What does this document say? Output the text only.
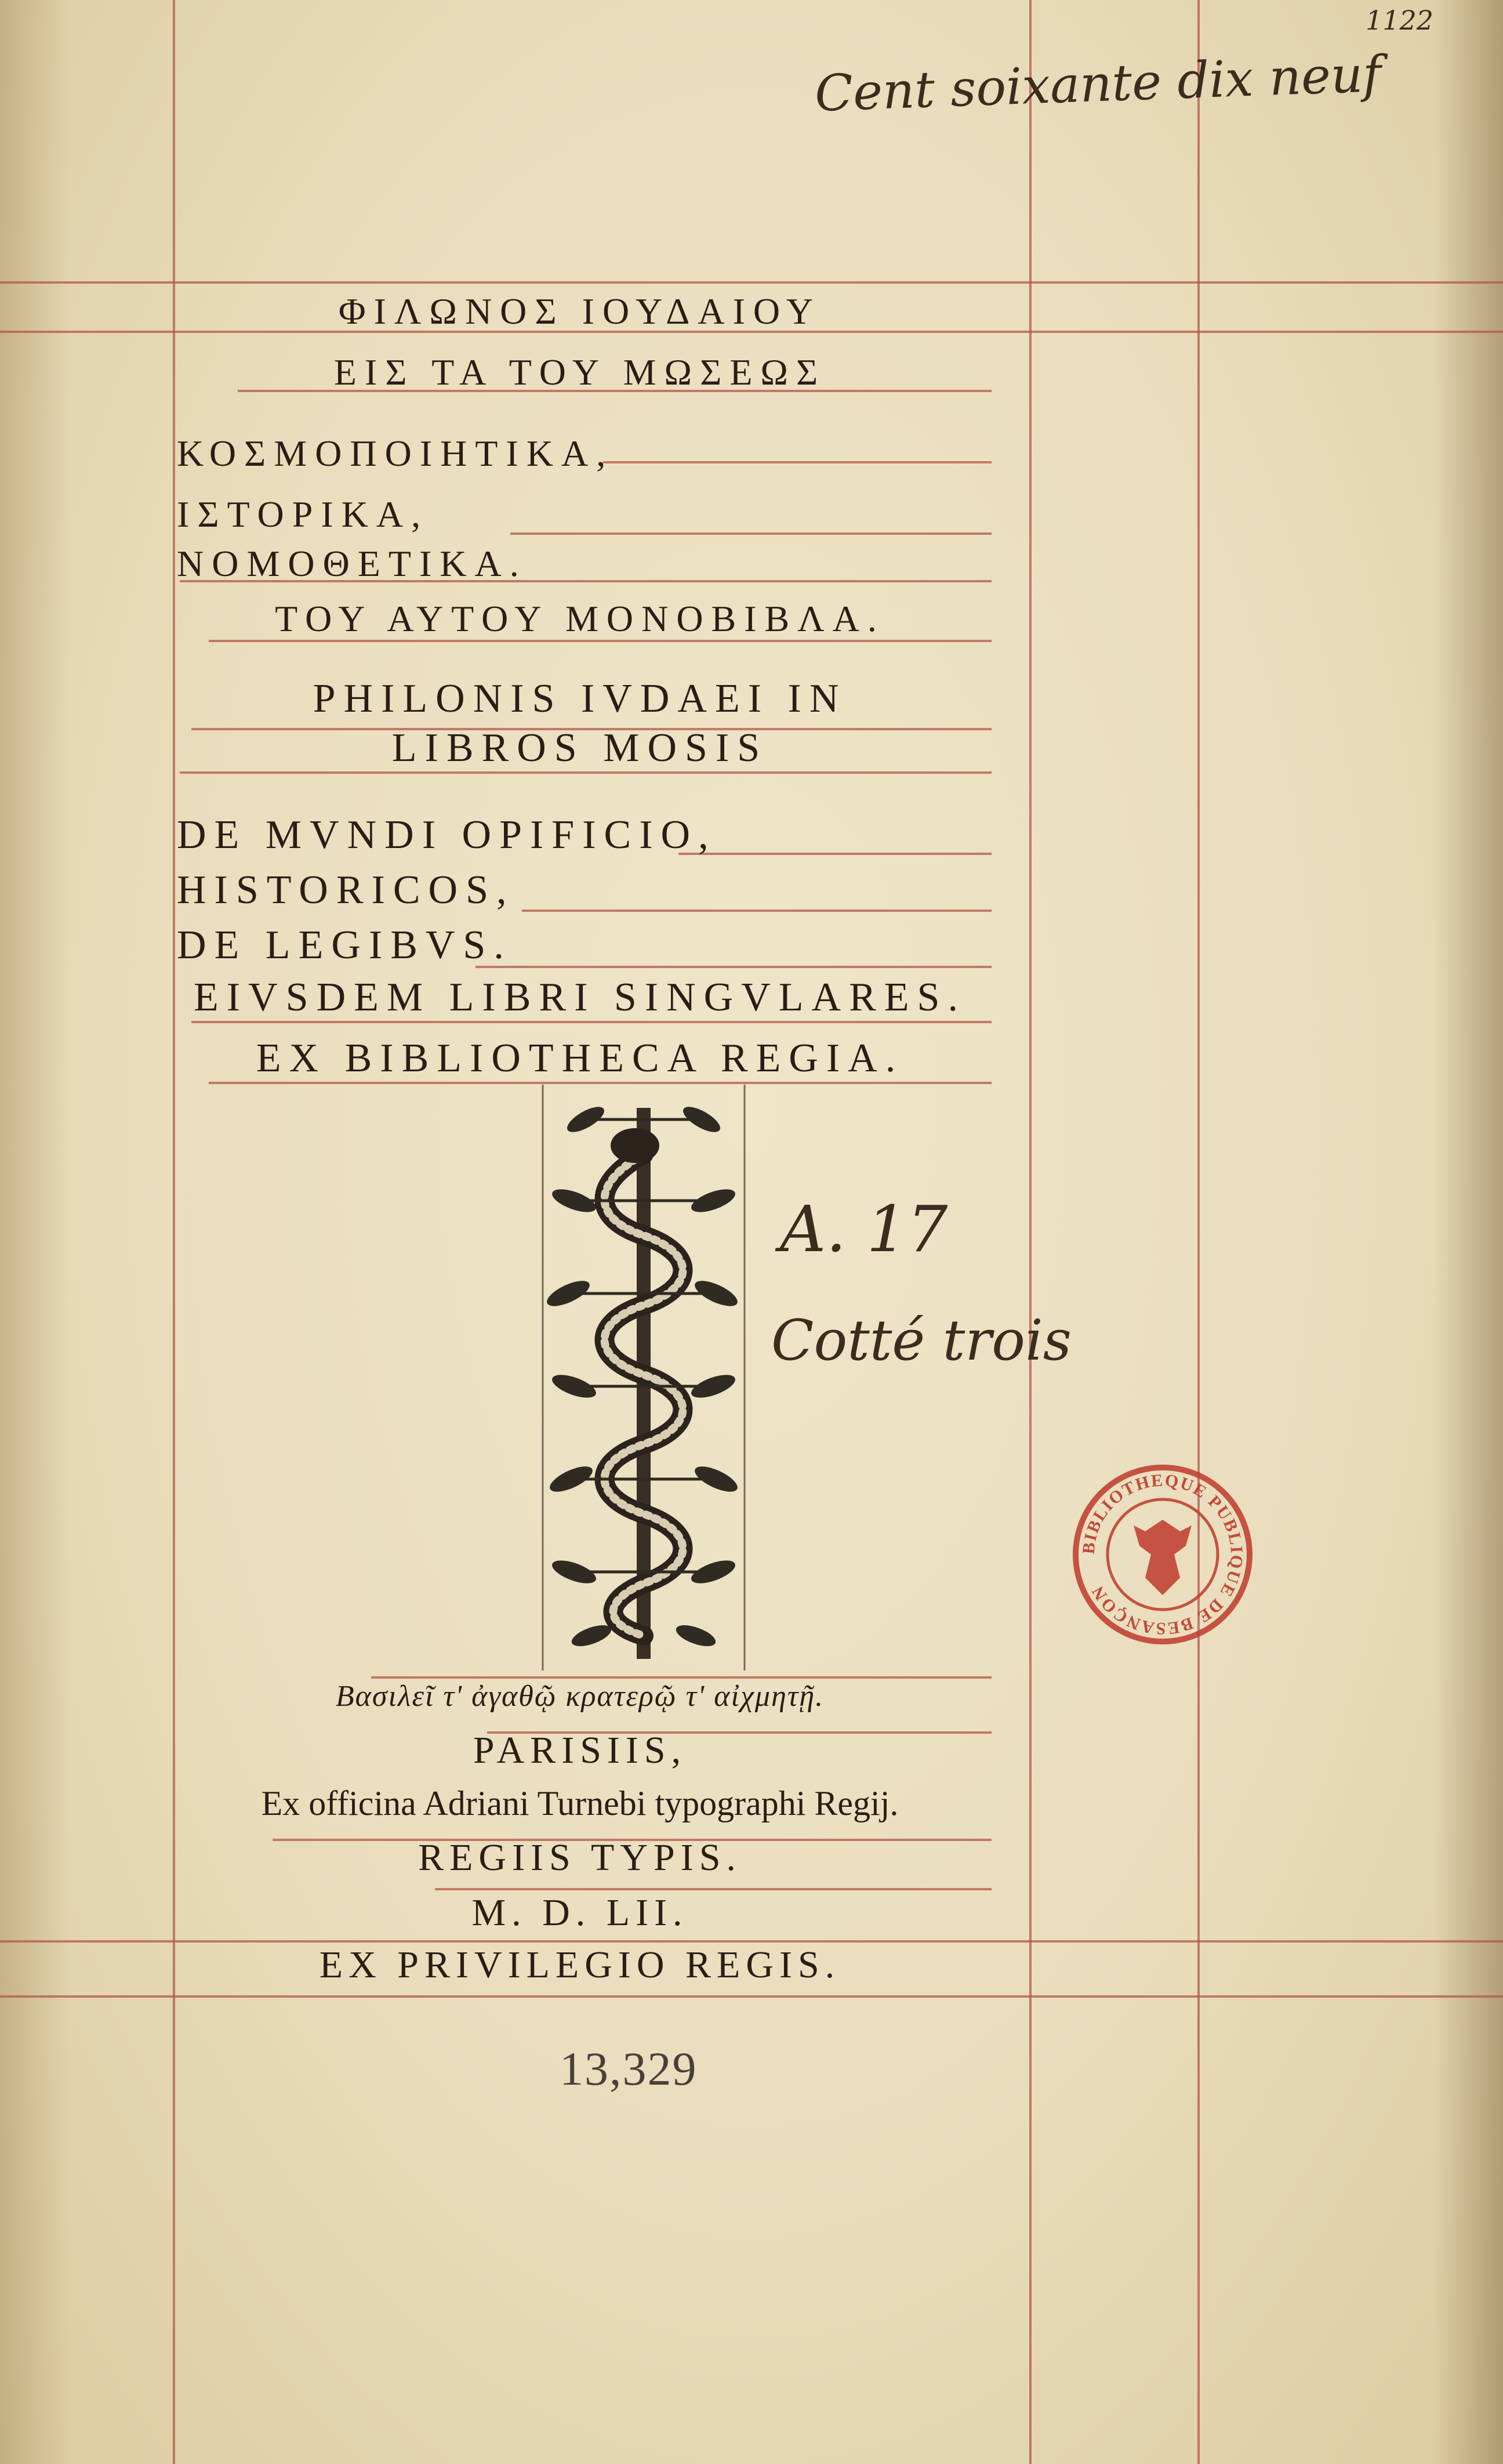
1122
Cent soixante dix neuf
ΦΙΛΩΝΟΣ ΙΟΥΔΑΙΟΥ
ΕΙΣ ΤΑ ΤΟΥ ΜΩΣΕΩΣ
ΚΟΣΜΟΠΟΙΗΤΙΚΑ,
ΙΣΤΟΡΙΚΑ,
ΝΟΜΟΘΕΤΙΚΑ.
ΤΟΥ ΑΥΤΟΥ ΜΟΝΟΒΙΒΛΑ.
PHILONIS IVDAEI IN
LIBROS MOSIS
DE MVNDI OPIFICIO,
HISTORICOS,
DE LEGIBVS.
EIVSDEM LIBRI SINGVLARES.
EX BIBLIOTHECA REGIA.
A. 17
Cotté trois
BIBLIOTHEQUE PUBLIQUE DE BESANÇON
Βασιλεῖ τ' ἀγαθῷ κρατερῷ τ' αἰχμητῇ.
PARISIIS,
Ex officina Adriani Turnebi typographi Regij.
REGIIS TYPIS.
M. D. LII.
EX PRIVILEGIO REGIS.
13,329
